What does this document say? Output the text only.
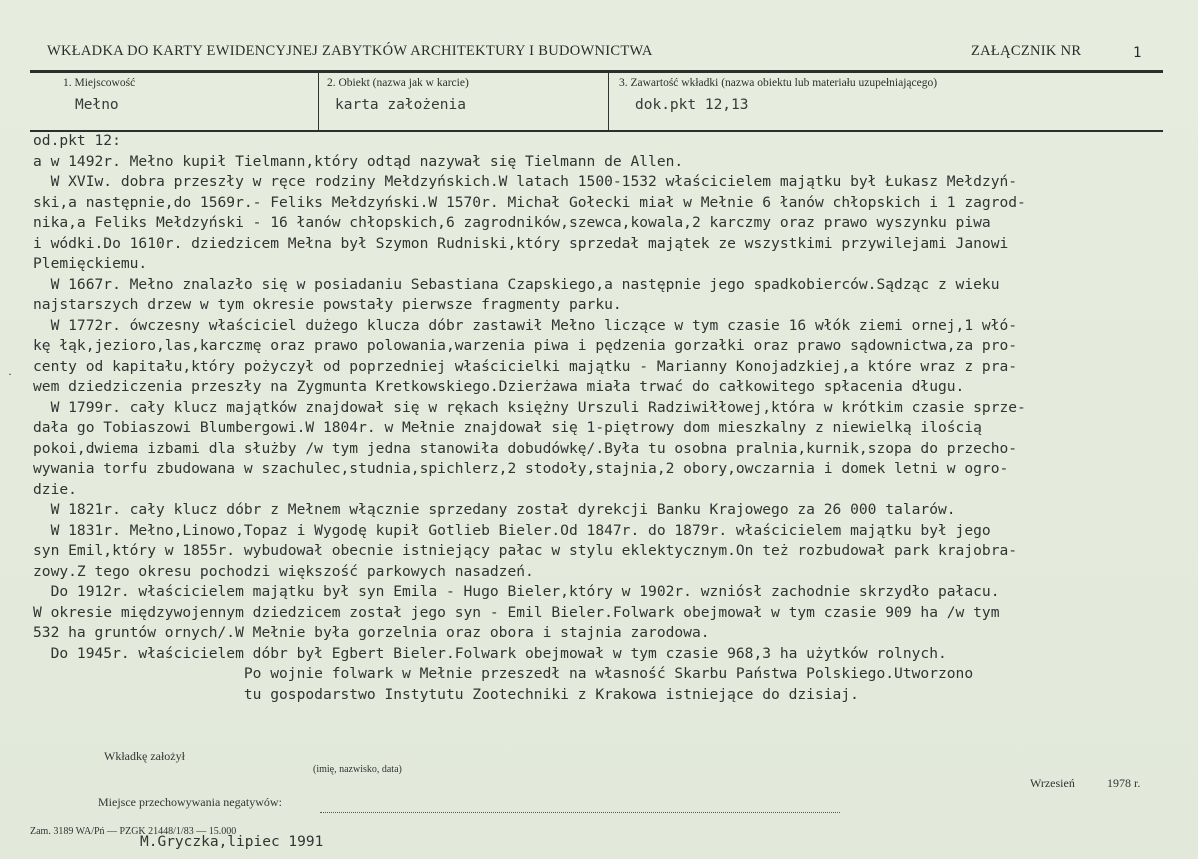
WKŁADKA DO KARTY EWIDENCYJNEJ ZABYTKÓW ARCHITEKTURY I BUDOWNICTWA	ZAŁĄCZNIK NR	1
1. Miejscowość
Mełno
2. Obiekt (nazwa jak w karcie)
karta założenia
3. Zawartość wkładki (nazwa obiektu lub materiału uzupełniającego)
dok.pkt 12,13
·
od.pkt 12:
a w 1492r. Mełno kupił Tielmann,który odtąd nazywał się Tielmann de Allen.
W XVIw. dobra przeszły w ręce rodziny Mełdzyńskich.W latach 1500-1532 właścicielem majątku był Łukasz Mełdzyń-
ski,a następnie,do 1569r.- Feliks Mełdzyński.W 1570r. Michał Gołecki miał w Mełnie 6 łanów chłopskich i 1 zagrod-
nika,a Feliks Mełdzyński - 16 łanów chłopskich,6 zagrodników,szewca,kowala,2 karczmy oraz prawo wyszynku piwa
i wódki.Do 1610r. dziedzicem Mełna był Szymon Rudniski,który sprzedał majątek ze wszystkimi przywilejami Janowi
Plemięckiemu.
W 1667r. Mełno znalazło się w posiadaniu Sebastiana Czapskiego,a następnie jego spadkobierców.Sądząc z wieku
najstarszych drzew w tym okresie powstały pierwsze fragmenty parku.
W 1772r. ówczesny właściciel dużego klucza dóbr zastawił Mełno liczące w tym czasie 16 włók ziemi ornej,1 włó-
kę łąk,jezioro,las,karczmę oraz prawo polowania,warzenia piwa i pędzenia gorzałki oraz prawo sądownictwa,za pro-
centy od kapitału,który pożyczył od poprzedniej właścicielki majątku - Marianny Konojadzkiej,a które wraz z pra-
wem dziedziczenia przeszły na Zygmunta Kretkowskiego.Dzierżawa miała trwać do całkowitego spłacenia długu.
W 1799r. cały klucz majątków znajdował się w rękach księżny Urszuli Radziwiłłowej,która w krótkim czasie sprze-
dała go Tobiaszowi Blumbergowi.W 1804r. w Mełnie znajdował się 1-piętrowy dom mieszkalny z niewielką ilością
pokoi,dwiema izbami dla służby /w tym jedna stanowiła dobudówkę/.Była tu osobna pralnia,kurnik,szopa do przecho-
wywania torfu zbudowana w szachulec,studnia,spichlerz,2 stodoły,stajnia,2 obory,owczarnia i domek letni w ogro-
dzie.
W 1821r. cały klucz dóbr z Mełnem włącznie sprzedany został dyrekcji Banku Krajowego za 26 000 talarów.
W 1831r. Mełno,Linowo,Topaz i Wygodę kupił Gotlieb Bieler.Od 1847r. do 1879r. właścicielem majątku był jego
syn Emil,który w 1855r. wybudował obecnie istniejący pałac w stylu eklektycznym.On też rozbudował park krajobra-
zowy.Z tego okresu pochodzi większość parkowych nasadzeń.
Do 1912r. właścicielem majątku był syn Emila - Hugo Bieler,który w 1902r. wzniósł zachodnie skrzydło pałacu.
W okresie międzywojennym dziedzicem został jego syn - Emil Bieler.Folwark obejmował w tym czasie 909 ha /w tym
532 ha gruntów ornych/.W Mełnie była gorzelnia oraz obora i stajnia zarodowa.
Do 1945r. właścicielem dóbr był Egbert Bieler.Folwark obejmował w tym czasie 968,3 ha użytków rolnych.
Po wojnie folwark w Mełnie przeszedł na własność Skarbu Państwa Polskiego.Utworzono
tu gospodarstwo Instytutu Zootechniki z Krakowa istniejące do dzisiaj.
Wkładkę założył
(imię, nazwisko, data)
Wrzesień	1978 r.
Miejsce przechowywania negatywów:
Zam. 3189 WA/Pń — PZGK 21448/1/83 — 15.000
M.Gryczka,lipiec 1991
